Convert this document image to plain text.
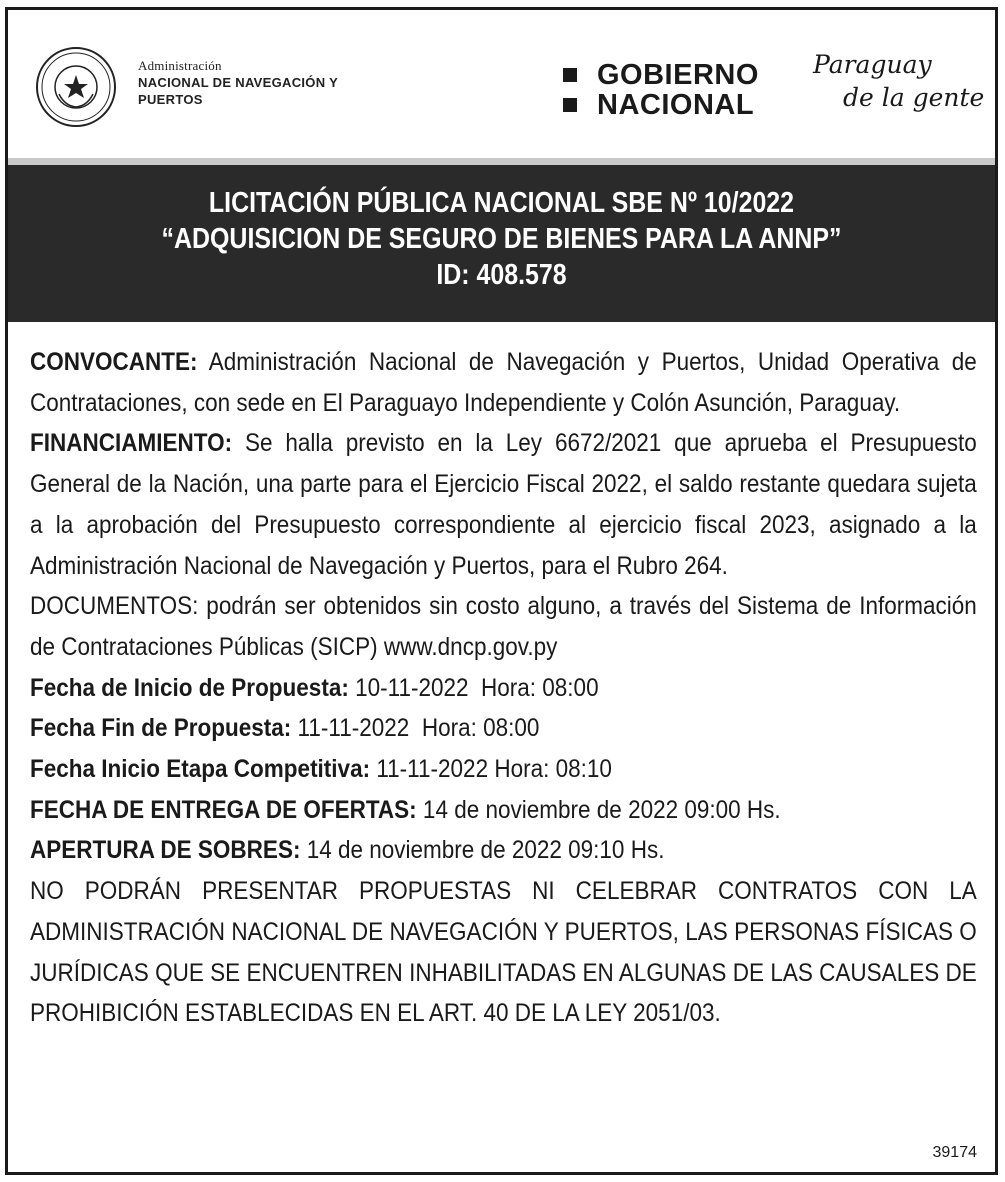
Administración
NACIONAL DE NAVEGACIÓN Y
PUERTOS
GOBIERNO
NACIONAL
Paraguay
de la gente
LICITACIÓN PÚBLICA NACIONAL SBE Nº 10/2022
“ADQUISICION DE SEGURO DE BIENES PARA LA ANNP”
ID: 408.578

CONVOCANTE: Administración Nacional de Navegación y Puertos, Unidad Operativa de Contrataciones, con sede en El Paraguayo Independiente y Colón Asunción, Paraguay.

FINANCIAMIENTO: Se halla previsto en la Ley 6672/2021 que aprueba el Presupuesto General de la Nación, una parte para el Ejercicio Fiscal 2022, el saldo restante quedara sujeta a la aprobación del Presupuesto correspondiente al ejercicio fiscal 2023, asignado a la Administración Nacional de Navegación y Puertos, para el Rubro 264.

DOCUMENTOS: podrán ser obtenidos sin costo alguno, a través del Sistema de Información de Contrataciones Públicas (SICP) www.dncp.gov.py

Fecha de Inicio de Propuesta: 10-11-2022  Hora: 08:00

Fecha Fin de Propuesta: 11-11-2022  Hora: 08:00

Fecha Inicio Etapa Competitiva: 11-11-2022 Hora: 08:10

FECHA DE ENTREGA DE OFERTAS: 14 de noviembre de 2022 09:00 Hs.

APERTURA DE SOBRES: 14 de noviembre de 2022 09:10 Hs.

NO PODRÁN PRESENTAR PROPUESTAS NI CELEBRAR CONTRATOS CON LA ADMINISTRACIÓN NACIONAL DE NAVEGACIÓN Y PUERTOS, LAS PERSONAS FÍSICAS O JURÍDICAS QUE SE ENCUENTREN INHABILITADAS EN ALGUNAS DE LAS CAUSALES DE PROHIBICIÓN ESTABLECIDAS EN EL ART. 40 DE LA LEY 2051/03.

39174
